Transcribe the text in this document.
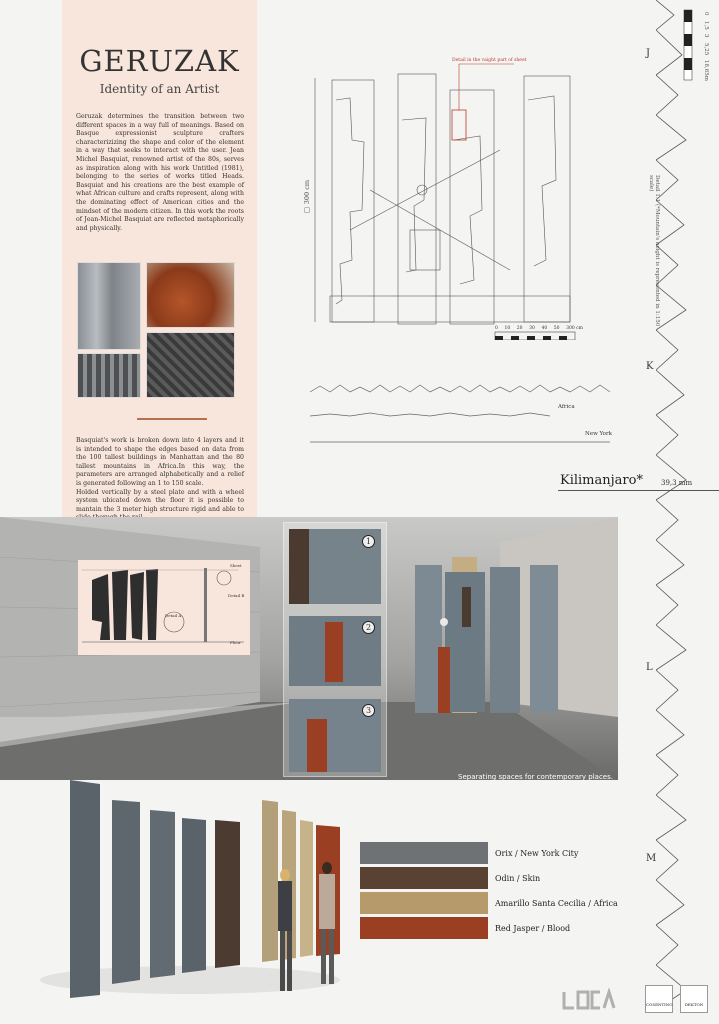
GERUZAK
Identity of an Artist

Geruzak determines the transition between two different spaces in a way full of meanings. Based on Basque expressionist sculpture crafters characterizizing the shape and color of the element in a way that seeks to interact with the user. Jean Michel Basquiat, renowned artist of the 80s, serves as inspiration along with his work Untitled (1981), belonging to the series of works titled Heads. Basquiat and his creations are the best example of what African culture and crafts represent, along with the dominating effect of American cities and the mindset of the modern citizen. In this work the roots of Jean-Michel Basquiat are reflected metaphorically and physically.

Basquiat's work is broken down into 4 layers and it is intended to shape the edges based on data from the 100 tallest buildings in Manhattan and the 80 tallest mountains in Africa.In this way, the parameters are arranged alphabetically and a relief is generated following an 1 to 150 scale.
Holded vertically by a steel plate and with a wheel system ubicated down the floor it is possible to mantain the 3 meter high structure rigid and able to

Sheet
Detail B
Detail A
Floor
1
2
3
Separating spaces for contemporary places.
Detail in the vaight part of sheet
□ 300 cm
0 10 20 30 40 50 300 cm
Africa
New York
J
K
L
M
Detail 1:1 (*Mountain's height is represented in 1:150 scale)
0
1,5
3
5,25
18,65m
Kilimanjaro*	39,3 mm
Orix / New York City
Odin / Skin
Amarillo Santa Cecilia / Africa
Red Jasper / Blood
COSENTINO	DEKTON
